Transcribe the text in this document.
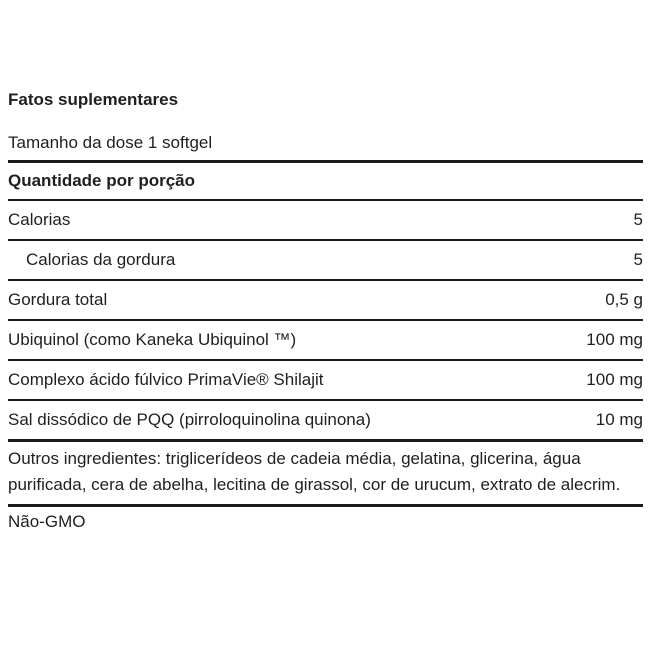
Fatos suplementares
Tamanho da dose 1 softgel
Quantidade por porção
Calorias	5
Calorias da gordura	5
Gordura total	0,5 g
Ubiquinol (como Kaneka Ubiquinol ™)	100 mg
Complexo ácido fúlvico PrimaVie® Shilajit	100 mg
Sal dissódico de PQQ (pirroloquinolina quinona)	10 mg
Outros ingredientes: triglicerídeos de cadeia média, gelatina, glicerina, água purificada, cera de abelha, lecitina de girassol, cor de urucum, extrato de alecrim.
Não-GMO
